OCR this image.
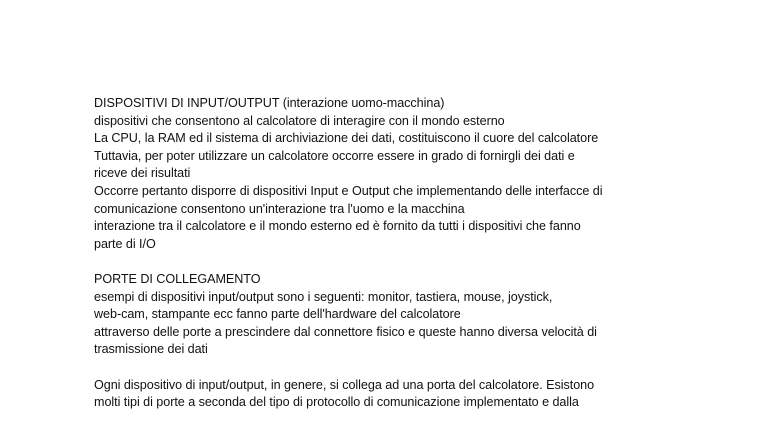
DISPOSITIVI DI INPUT/OUTPUT (interazione uomo-macchina)
dispositivi che consentono al calcolatore di interagire con il mondo esterno
La CPU, la RAM ed il sistema di archiviazione dei dati, costituiscono il cuore del calcolatore
Tuttavia, per poter utilizzare un calcolatore occorre essere in grado di fornirgli dei dati e
riceve dei risultati
Occorre pertanto disporre di dispositivi Input e Output che implementando delle interfacce di
comunicazione consentono un'interazione tra l'uomo e la macchina
interazione tra il calcolatore e il mondo esterno ed è fornito da tutti i dispositivi che fanno
parte di I/O
PORTE DI COLLEGAMENTO
esempi di dispositivi input/output sono i seguenti: monitor, tastiera, mouse, joystick,
web-cam, stampante ecc fanno parte dell'hardware del calcolatore
attraverso delle porte a prescindere dal connettore fisico e queste hanno diversa velocità di
trasmissione dei dati
Ogni dispositivo di input/output, in genere, si collega ad una porta del calcolatore. Esistono
molti tipi di porte a seconda del tipo di protocollo di comunicazione implementato e dalla
